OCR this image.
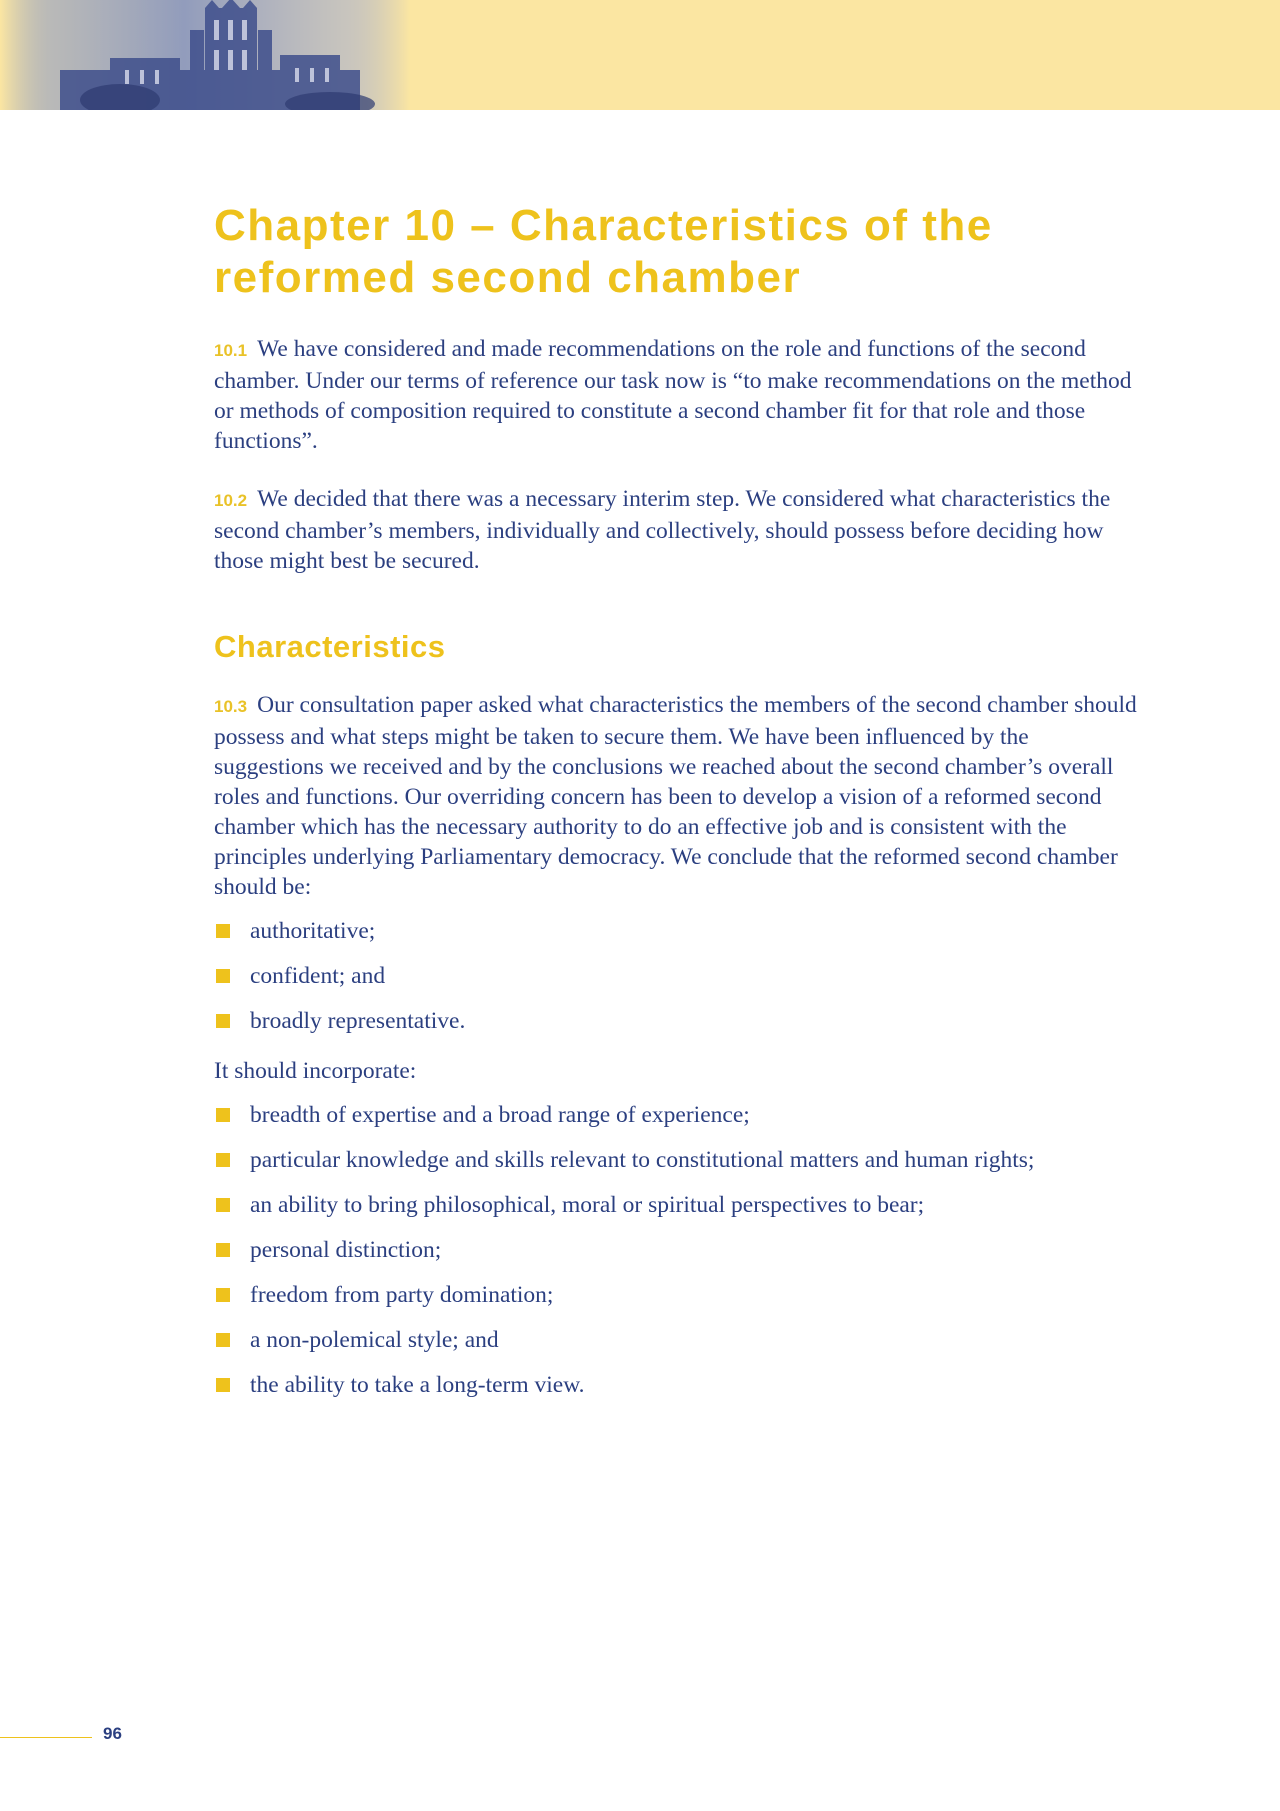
Chapter 10 – Characteristics of the
reformed second chamber

10.1 We have considered and made recommendations on the role and functions of the second chamber. Under our terms of reference our task now is “to make recommendations on the method or methods of composition required to constitute a second chamber fit for that role and those functions”.

10.2 We decided that there was a necessary interim step. We considered what characteristics the second chamber’s members, individually and collectively, should possess before deciding how those might best be secured.

Characteristics

10.3 Our consultation paper asked what characteristics the members of the second chamber should possess and what steps might be taken to secure them. We have been influenced by the suggestions we received and by the conclusions we reached about the second chamber’s overall roles and functions. Our overriding concern has been to develop a vision of a reformed second chamber which has the necessary authority to do an effective job and is consistent with the principles underlying Parliamentary democracy. We conclude that the reformed second chamber should be:

authoritative;
confident; and
broadly representative.

It should incorporate:

breadth of expertise and a broad range of experience;
particular knowledge and skills relevant to constitutional matters and human rights;
an ability to bring philosophical, moral or spiritual perspectives to bear;
personal distinction;
freedom from party domination;
a non-polemical style; and
the ability to take a long-term view.
96
